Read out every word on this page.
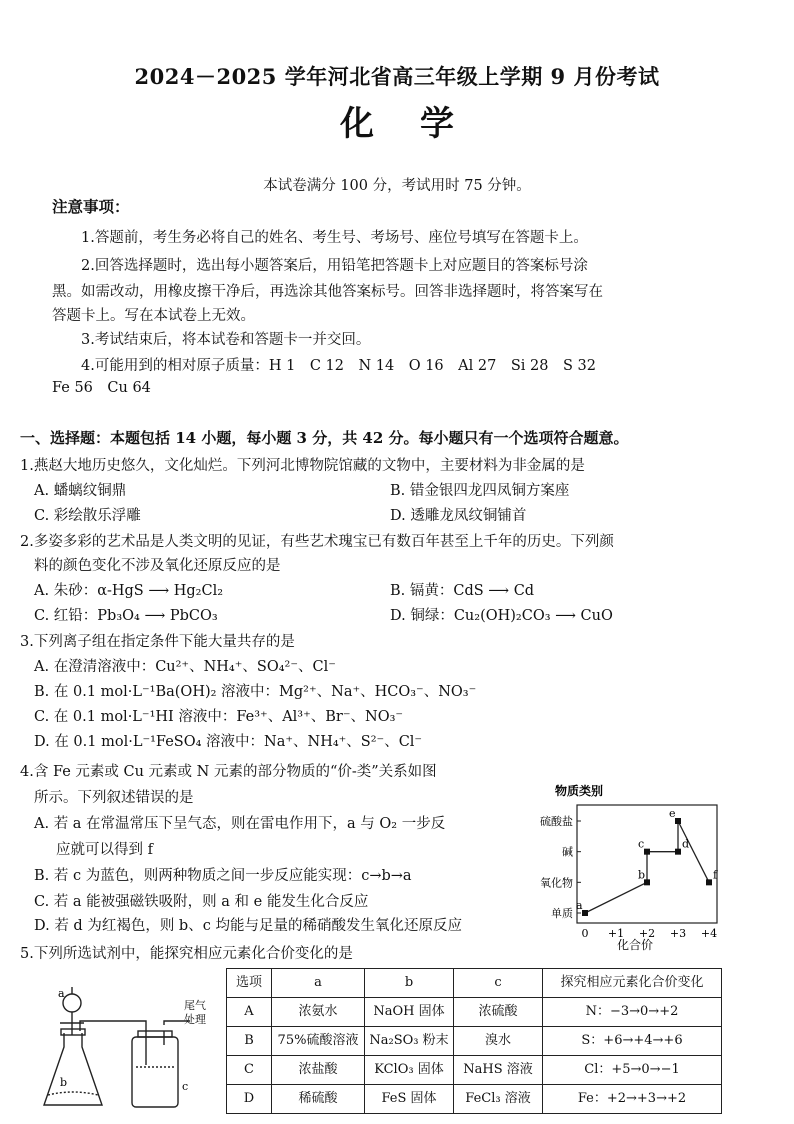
2024－2025 学年河北省高三年级上学期 9 月份考试
化学
本试卷满分 100 分，考试用时 75 分钟。
注意事项：
1.答题前，考生务必将自己的姓名、考生号、考场号、座位号填写在答题卡上。
2.回答选择题时，选出每小题答案后，用铅笔把答题卡上对应题目的答案标号涂
黑。如需改动，用橡皮擦干净后，再选涂其他答案标号。回答非选择题时，将答案写在
答题卡上。写在本试卷上无效。
3.考试结束后，将本试卷和答题卡一并交回。
4.可能用到的相对原子质量：H 1　C 12　N 14　O 16　Al 27　Si 28　S 32
Fe 56　Cu 64
一、选择题：本题包括 14 小题，每小题 3 分，共 42 分。每小题只有一个选项符合题意。
1.燕赵大地历史悠久，文化灿烂。下列河北博物院馆藏的文物中，主要材料为非金属的是
A. 蟠螭纹铜鼎	B. 错金银四龙四凤铜方案座
C. 彩绘散乐浮雕	D. 透雕龙凤纹铜铺首
2.多姿多彩的艺术品是人类文明的见证，有些艺术瑰宝已有数百年甚至上千年的历史。下列颜
料的颜色变化不涉及氧化还原反应的是
A. 朱砂：α-HgS ⟶ Hg₂Cl₂	B. 镉黄：CdS ⟶ Cd
C. 红铅：Pb₃O₄ ⟶ PbCO₃	D. 铜绿：Cu₂(OH)₂CO₃ ⟶ CuO
3.下列离子组在指定条件下能大量共存的是
A. 在澄清溶液中：Cu²⁺、NH₄⁺、SO₄²⁻、Cl⁻
B. 在 0.1 mol·L⁻¹Ba(OH)₂ 溶液中：Mg²⁺、Na⁺、HCO₃⁻、NO₃⁻
C. 在 0.1 mol·L⁻¹HI 溶液中：Fe³⁺、Al³⁺、Br⁻、NO₃⁻
D. 在 0.1 mol·L⁻¹FeSO₄ 溶液中：Na⁺、NH₄⁺、S²⁻、Cl⁻
4.含 Fe 元素或 Cu 元素或 N 元素的部分物质的“价-类”关系如图
所示。下列叙述错误的是
A. 若 a 在常温常压下呈气态，则在雷电作用下，a 与 O₂ 一步反
应就可以得到 f
B. 若 c 为蓝色，则两种物质之间一步反应能实现：c→b→a
C. 若 a 能被强磁铁吸附，则 a 和 e 能发生化合反应
D. 若 d 为红褐色，则 b、c 均能与足量的稀硝酸发生氧化还原反应
物质类别
化合价
0 +1 +2 +3 +4
单质
氧化物
碱
硫酸盐
a
b
c	d
e
f
5.下列所选试剂中，能探究相应元素化合价变化的是
b
a
c
尾气处理
选项	a	b	c	探究相应元素化合价变化
A	浓氨水	NaOH 固体	浓硫酸	N：−3→0→+2
B	75%硫酸溶液	Na₂SO₃ 粉末	溴水	S：+6→+4→+6
C	浓盐酸	KClO₃ 固体	NaHS 溶液	Cl：+5→0→−1
D	稀硫酸	FeS 固体	FeCl₃ 溶液	Fe：+2→+3→+2
